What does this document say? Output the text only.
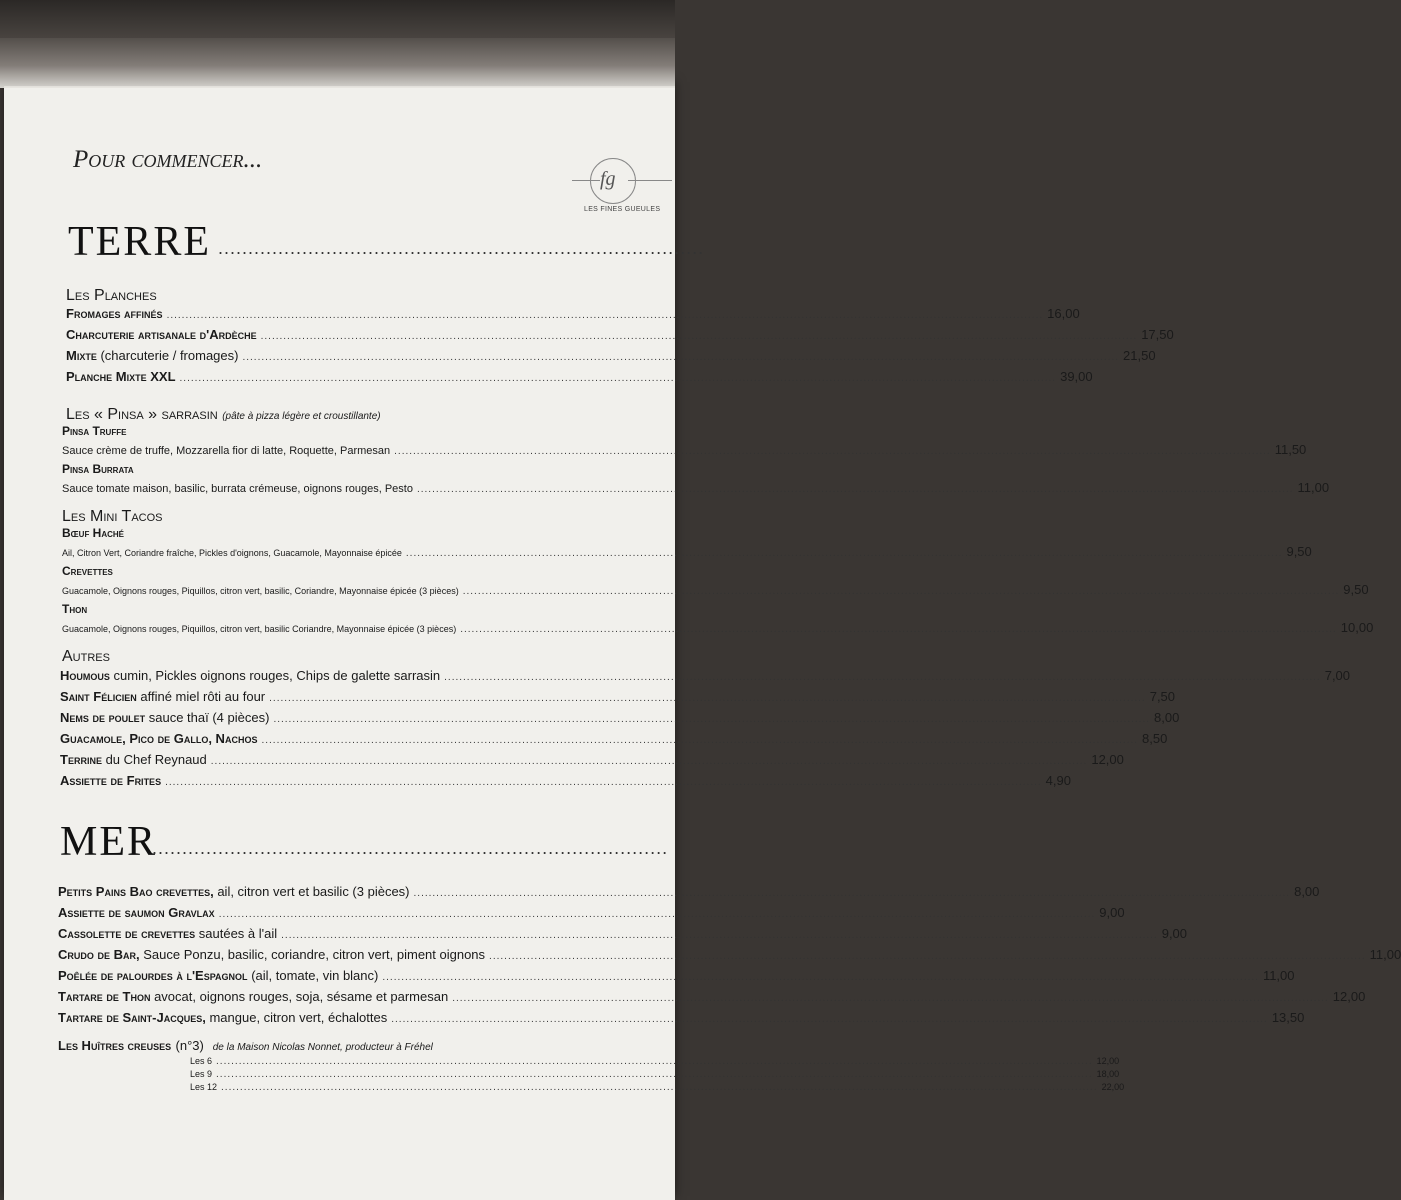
Pour commencer...
fg
LES FINES GUEULES
TERRE .................................................................................
Les Planches
Fromages affinés .....	16,00
Charcuterie artisanale d'Ardèche .....	17,50
Mixte
(charcuterie / fromages) .....	21,50
Planche Mixte XXL .....	39,00
Les « Pinsa » sarrasin (pâte à pizza légère et croustillante)
Pinsa Truffe
Sauce crème de truffe, Mozzarella fior di latte, Roquette, Parmesan .....	11,50
Pinsa Burrata
Sauce tomate maison, basilic, burrata crémeuse, oignons rouges, Pesto .....	11,00
Les Mini Tacos
Bœuf Haché
Ail, Citron Vert, Coriandre fraîche, Pickles d'oignons, Guacamole, Mayonnaise épicée .....	9,50
Crevettes
Guacamole, Oignons rouges, Piquillos, citron vert, basilic, Coriandre, Mayonnaise épicée (3 pièces) .....	9,50
Thon
Guacamole, Oignons rouges, Piquillos, citron vert, basilic Coriandre, Mayonnaise épicée (3 pièces) .....	10,00
Autres
Houmous
cumin, Pickles oignons rouges, Chips de galette sarrasin .....	7,00
Saint Félicien
affiné miel rôti au four .....	7,50
Nems de poulet
sauce thaï (4 pièces) .....	8,00
Guacamole, Pico de Gallo, Nachos .....	8,50
Terrine
du Chef Reynaud .....	12,00
Assiette de Frites .....	4,90
MER
......................................................................................
Petits Pains Bao crevettes,
ail, citron vert et basilic (3 pièces) .....	8,00
Assiette de saumon Gravlax .....	9,00
Cassolette de crevettes
sautées à l'ail .....	9,00
Crudo de Bar,
Sauce Ponzu, basilic, coriandre, citron vert, piment oignons .....	11,00
Poêlée de palourdes à l'Espagnol
(ail, tomate, vin blanc) .....	11,00
Tartare de Thon
avocat, oignons rouges, soja, sésame et parmesan .....	12,00
Tartare de Saint-Jacques,
mangue, citron vert, échalottes .....	13,50
Les Huîtres creuses (n°3) de la Maison Nicolas Nonnet, producteur à Fréhel
Les 6 .....	12,00
Les 9 .....	18,00
Les 12 .....	22,00
